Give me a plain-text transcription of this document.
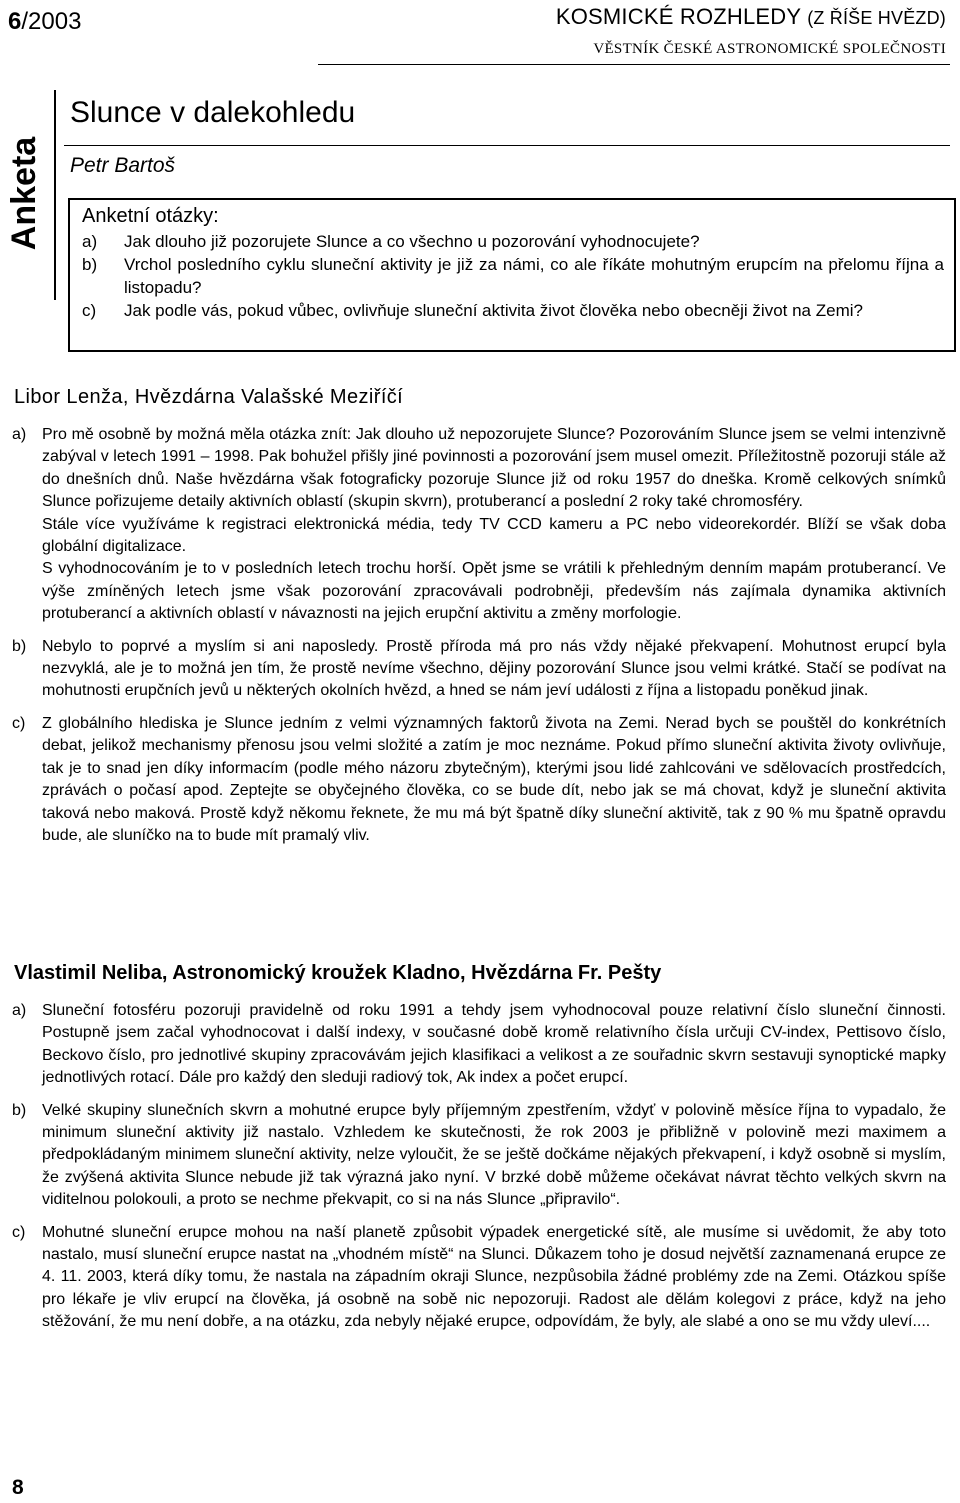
6/2003	KOSMICKÉ ROZHLEDY (Z ŘÍŠE HVĚZD)
VĚSTNÍK ČESKÉ ASTRONOMICKÉ SPOLEČNOSTI
Anketa
Slunce v dalekohledu
Petr Bartoš
Anketní otázky:
a)	Jak dlouho již pozorujete Slunce a co všechno u pozorování vyhodnocujete?
b)	Vrchol posledního cyklu sluneční aktivity je již za námi, co ale říkáte mohutným erupcím na přelomu října a listopadu?
c)	Jak podle vás, pokud vůbec, ovlivňuje sluneční aktivita život člověka nebo obecněji život na Zemi?
Libor Lenža, Hvězdárna Valašské Meziříčí
a) Pro mě osobně by možná měla otázka znít: Jak dlouho už nepozorujete Slunce? Pozorováním Slunce jsem se velmi intenzivně zabýval v letech 1991 – 1998. Pak bohužel přišly jiné povinnosti a pozorování jsem musel omezit. Příležitostně pozoruji stále až do dnešních dnů. Naše hvězdárna však fotograficky pozoruje Slunce již od roku 1957 do dneška. Kromě celkových snímků Slunce pořizujeme detaily aktivních oblastí (skupin skvrn), protuberancí a poslední 2 roky také chromosféry.

Stále více využíváme k registraci elektronická média, tedy TV CCD kameru a PC nebo videorekordér. Blíží se však doba globální digitalizace.

S vyhodnocováním je to v posledních letech trochu horší. Opět jsme se vrátili k přehledným denním mapám protuberancí. Ve výše zmíněných letech jsme však pozorování zpracovávali podrobněji, především nás zajímala dynamika aktivních protuberancí a aktivních oblastí v návaznosti na jejich erupční aktivitu a změny morfologie.

b) Nebylo to poprvé a myslím si ani naposledy. Prostě příroda má pro nás vždy nějaké překvapení. Mohutnost erupcí byla nezvyklá, ale je to možná jen tím, že prostě nevíme všechno, dějiny pozorování Slunce jsou velmi krátké. Stačí se podívat na mohutnosti erupčních jevů u některých okolních hvězd, a hned se nám jeví události z října a listopadu poněkud jinak.

c)	Z globálního hlediska je Slunce jedním z velmi významných faktorů života na Zemi. Nerad bych se pouštěl do konkrétních debat, jelikož mechanismy přenosu jsou velmi složité a zatím je moc neznáme. Pokud přímo sluneční aktivita životy ovlivňuje, tak je to snad jen díky informacím (podle mého názoru zbytečným), kterými jsou lidé zahlcováni ve sdělovacích prostředcích, zprávách o počasí apod. Zeptejte se obyčejného člověka, co se bude dít, nebo jak se má chovat, když je sluneční aktivita taková nebo maková. Prostě když někomu řeknete, že mu má být špatně díky sluneční aktivitě, tak z 90 % mu špatně opravdu bude, ale sluníčko na to bude mít pramalý vliv.

Vlastimil Neliba, Astronomický kroužek Kladno, Hvězdárna Fr. Pešty
a) Sluneční fotosféru pozoruji pravidelně od roku 1991 a tehdy jsem vyhodnocoval pouze relativní číslo sluneční činnosti. Postupně jsem začal vyhodnocovat i další indexy, v současné době kromě relativního čísla určuji CV-index, Pettisovo číslo, Beckovo číslo, pro jednotlivé skupiny zpracovávám jejich klasifikaci a velikost a ze souřadnic skvrn sestavuji synoptické mapky jednotlivých rotací. Dále pro každý den sleduji radiový tok, Ak index a počet erupcí.

b) Velké skupiny slunečních skvrn a mohutné erupce byly příjemným zpestřením, vždyť v polovině měsíce října to vypadalo, že minimum sluneční aktivity již nastalo. Vzhledem ke skutečnosti, že rok 2003 je přibližně v polovině mezi maximem a předpokládaným minimem sluneční aktivity, nelze vyloučit, že se ještě dočkáme nějakých překvapení, i když osobně si myslím, že zvýšená aktivita Slunce nebude již tak výrazná jako nyní. V brzké době můžeme očekávat návrat těchto velkých skvrn na viditelnou polokouli, a proto se nechme překvapit, co si na nás Slunce „připravilo“.

c)	Mohutné sluneční erupce mohou na naší planetě způsobit výpadek energetické sítě, ale musíme si uvědomit, že aby toto nastalo, musí sluneční erupce nastat na „vhodném místě“ na Slunci. Důkazem toho je dosud největší zaznamenaná erupce ze 4. 11. 2003, která díky tomu, že nastala na západním okraji Slunce, nezpůsobila žádné problémy zde na Zemi. Otázkou spíše pro lékaře je vliv erupcí na člověka, já osobně na sobě nic nepozoruji. Radost ale dělám kolegovi z práce, když na jeho stěžování, že mu není dobře, a na otázku, zda nebyly nějaké erupce, odpovídám, že byly, ale slabé a ono se mu vždy uleví....

8
